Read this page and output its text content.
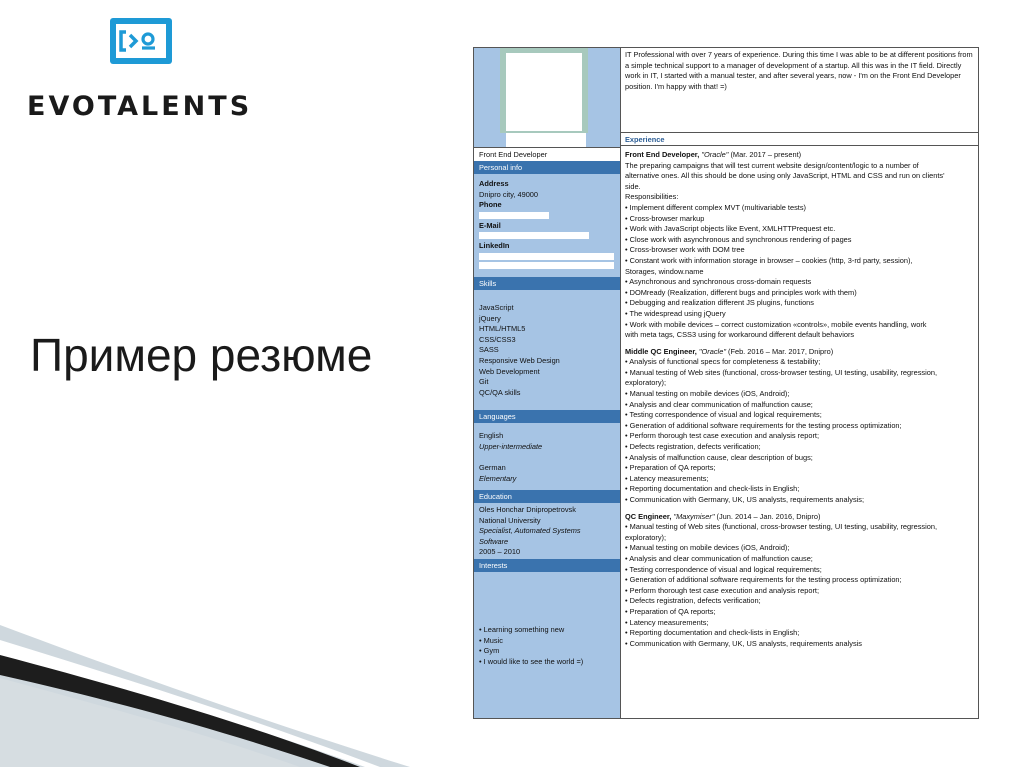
EVOTALENTS
Пример резюме
Front End Developer
Personal info
Address
Dnipro city, 49000
Phone
E-Mail
LinkedIn
Skills
JavaScript
jQuery
HTML/HTML5
CSS/CSS3
SASS
Responsive Web Design
Web Development
Git
QC/QA skills
Languages
English
Upper-intermediate
German
Elementary
Education
Oles Honchar Dnipropetrovsk
National University
Specialist, Automated Systems
Software
2005 – 2010
Interests
• Learning something new
• Music
• Gym
• I would like to see the world =)
IT Professional with over 7 years of experience. During this time I was able to be at different positions from a simple technical support to a manager of development of a startup. All this was in the IT field. Directly work in IT, I started with a manual tester, and after several years, now - I'm on the Front End Developer position. I'm happy with that! =)
Experience
Front End Developer, "Oracle" (Mar. 2017 – present)
The preparing campaigns that will test current website design/content/logic to a number of
alternative ones. All this should be done using only JavaScript, HTML and CSS and run on clients'
side.
Responsibilities:
• Implement different complex MVT (multivariable tests)
• Cross-browser markup
• Work with JavaScript objects like Event, XMLHTTPrequest etc.
• Close work with asynchronous and synchronous rendering of pages
• Cross-browser work with DOM tree
• Constant work with information storage in browser – cookies (http, 3-rd party, session),
Storages, window.name
• Asynchronous and synchronous cross-domain requests
• DOMready (Realization, different bugs and principles work with them)
• Debugging and realization different JS plugins, functions
• The widespread using jQuery
• Work with mobile devices – correct customization «controls», mobile events handling, work
with meta tags, CSS3 using for workaround different default behaviors
Middle QC Engineer, "Oracle" (Feb. 2016 – Mar. 2017, Dnipro)
• Analysis of functional specs for completeness & testability;
• Manual testing of Web sites (functional, cross-browser testing, UI testing, usability, regression,
exploratory);
• Manual testing on mobile devices (iOS, Android);
• Analysis and clear communication of malfunction cause;
• Testing correspondence of visual and logical requirements;
• Generation of additional software requirements for the testing process optimization;
• Perform thorough test case execution and analysis report;
• Defects registration, defects verification;
• Analysis of malfunction cause, clear description of bugs;
• Preparation of QA reports;
• Latency measurements;
• Reporting documentation and check-lists in English;
• Communication with Germany, UK, US analysts, requirements analysis;
QC Engineer, "Maxymiser" (Jun. 2014 – Jan. 2016, Dnipro)
• Manual testing of Web sites (functional, cross-browser testing, UI testing, usability, regression,
exploratory);
• Manual testing on mobile devices (iOS, Android);
• Analysis and clear communication of malfunction cause;
• Testing correspondence of visual and logical requirements;
• Generation of additional software requirements for the testing process optimization;
• Perform thorough test case execution and analysis report;
• Defects registration, defects verification;
• Preparation of QA reports;
• Latency measurements;
• Reporting documentation and check-lists in English;
• Communication with Germany, UK, US analysts, requirements analysis
